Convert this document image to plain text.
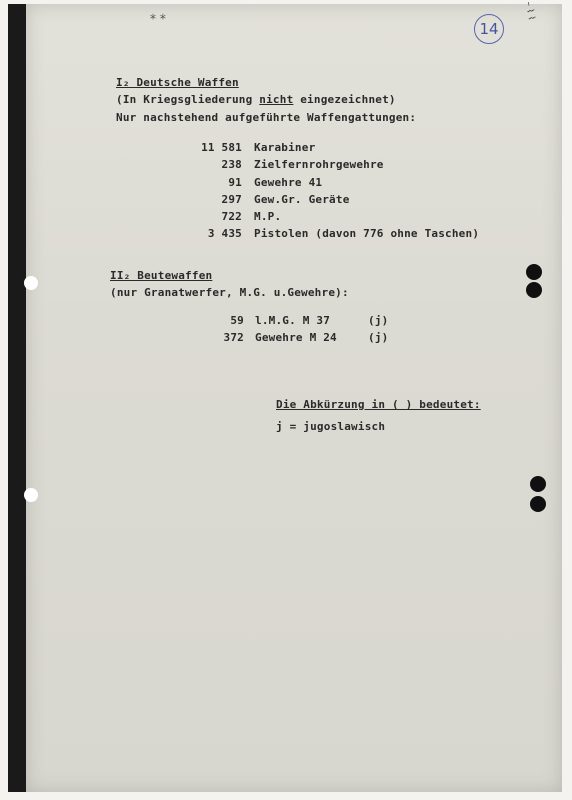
14
– ⌇ ⌇
⁎ ⁎
I₂ Deutsche Waffen
(In Kriegsgliederung nicht eingezeichnet)
Nur nachstehend aufgeführte Waffengattungen:
11 581 Karabiner
238 Zielfernrohrgewehre
91 Gewehre 41
297 Gew.Gr. Geräte
722 M.P.
3 435 Pistolen (davon 776 ohne Taschen)
II₂ Beutewaffen
(nur Granatwerfer, M.G. u.Gewehre):
59 l.M.G. M 37	(j)
372 Gewehre M 24	(j)
Die Abkürzung in ( ) bedeutet:
j = jugoslawisch
